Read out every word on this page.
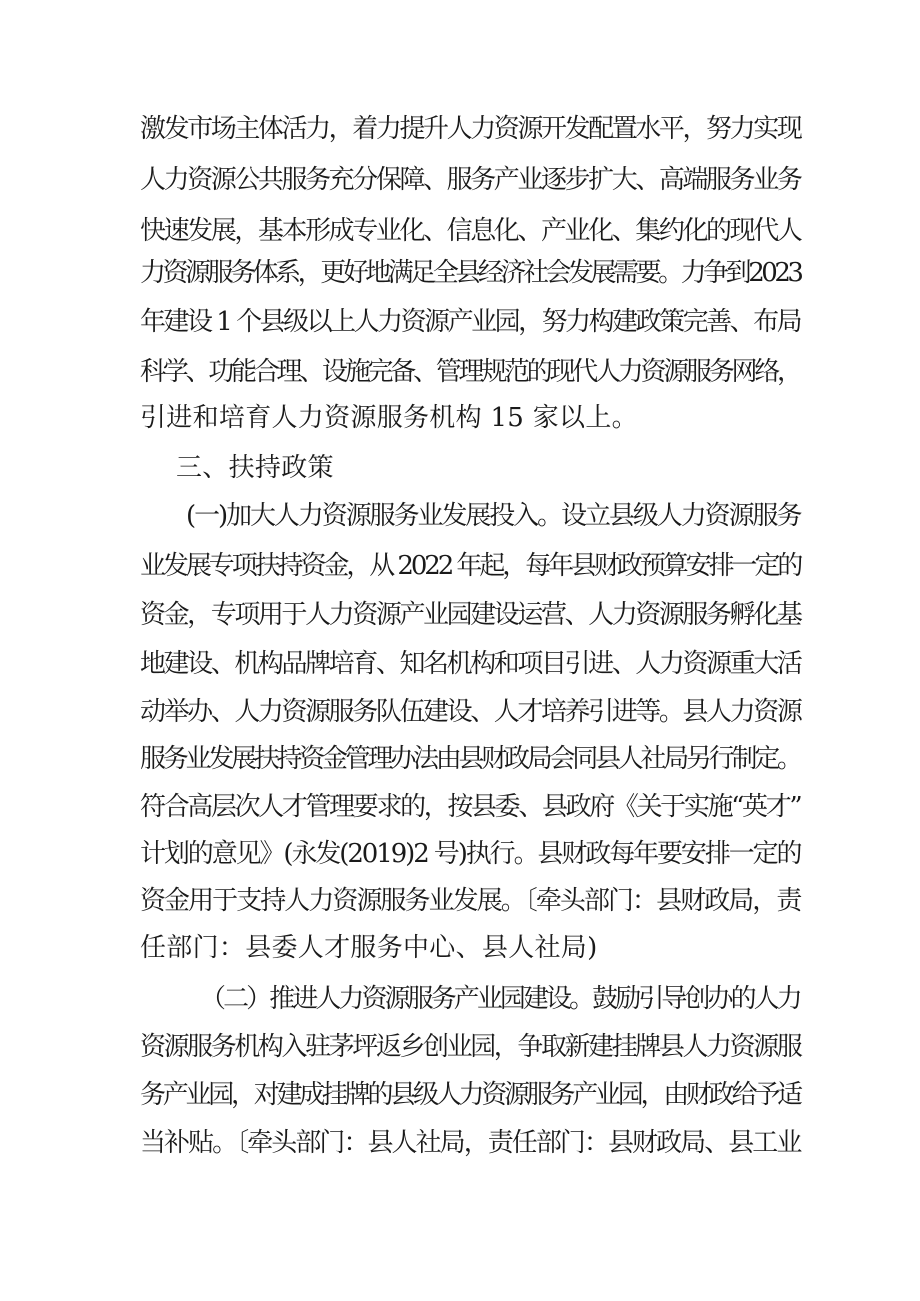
激发市场主体活力，着力提升人力资源开发配置水平，努力实现
人力资源公共服务充分保障、服务产业逐步扩大、高端服务业务
快速发展，基本形成专业化、信息化、产业化、集约化的现代人
力资源服务体系，更好地满足全县经济社会发展需要。力争到2023
年建设 1 个县级以上人力资源产业园，努力构建政策完善、布局
科学、功能合理、设施完备、管理规范的现代人力资源服务网络，
引进和培育人力资源服务机构 15 家以上。
三、扶持政策
(一)加大人力资源服务业发展投入。设立县级人力资源服务
业发展专项扶持资金，从 2022 年起，每年县财政预算安排一定的
资金，专项用于人力资源产业园建设运营、人力资源服务孵化基
地建设、机构品牌培育、知名机构和项目引进、人力资源重大活
动举办、人力资源服务队伍建设、人才培养引进等。县人力资源
服务业发展扶持资金管理办法由县财政局会同县人社局另行制定。
符合高层次人才管理要求的，按县委、县政府《关于实施“英才”
计划的意见》(永发(2019)2 号)执行。县财政每年要安排一定的
资金用于支持人力资源服务业发展。〔牵头部门：县财政局，责
任部门：县委人才服务中心、县人社局)
（二）推进人力资源服务产业园建设。鼓励引导创办的人力
资源服务机构入驻茅坪返乡创业园，争取新建挂牌县人力资源服
务产业园，对建成挂牌的县级人力资源服务产业园，由财政给予适
当补贴。〔牵头部门：县人社局，责任部门：县财政局、县工业
